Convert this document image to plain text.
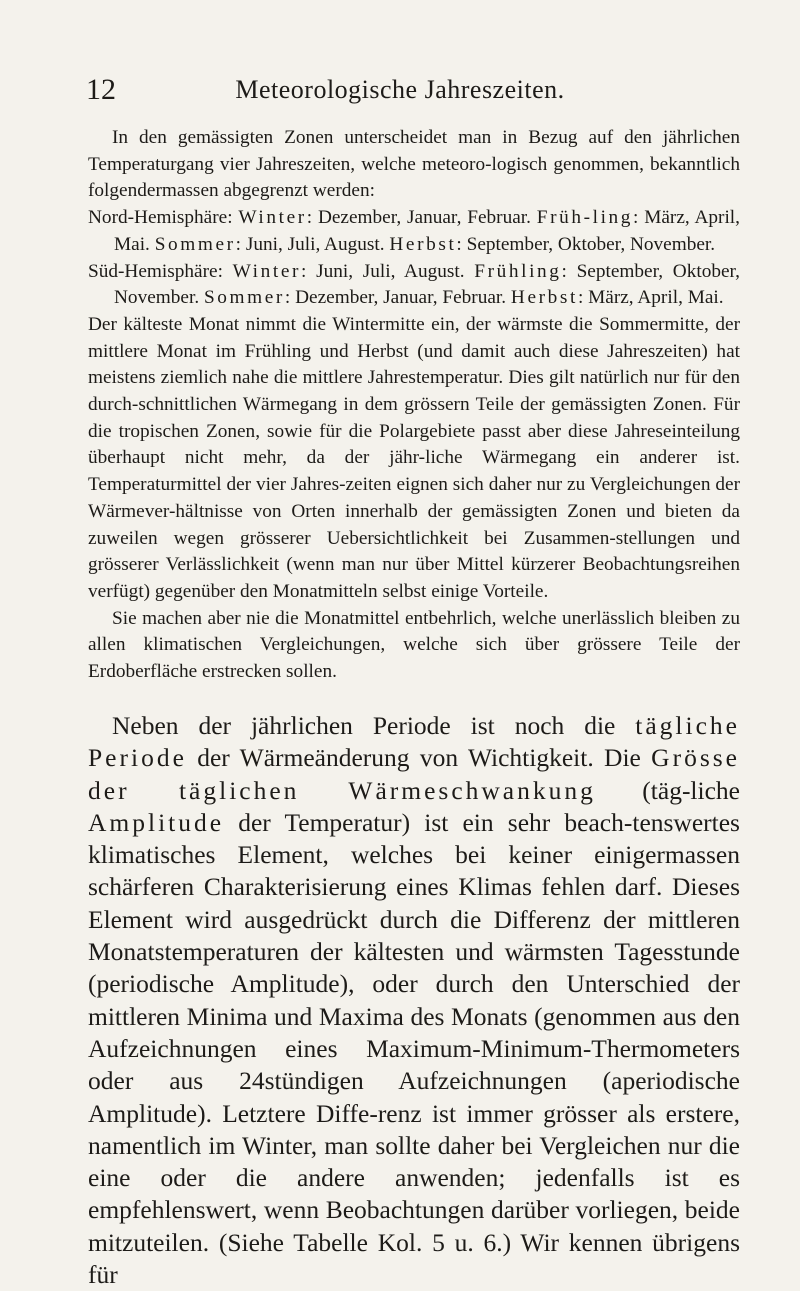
12	Meteorologische Jahreszeiten.

In den gemässigten Zonen unterscheidet man in Bezug auf den jährlichen Temperaturgang vier Jahreszeiten, welche meteoro-logisch genommen, bekanntlich folgendermassen abgegrenzt werden:

Nord-Hemisphäre: Winter: Dezember, Januar, Februar. Früh-ling: März, April, Mai. Sommer: Juni, Juli, August. Herbst: September, Oktober, November.

Süd-Hemisphäre: Winter: Juni, Juli, August. Frühling: September, Oktober, November. Sommer: Dezember, Januar, Februar. Herbst: März, April, Mai.

Der kälteste Monat nimmt die Wintermitte ein, der wärmste die Sommermitte, der mittlere Monat im Frühling und Herbst (und damit auch diese Jahreszeiten) hat meistens ziemlich nahe die mittlere Jahrestemperatur. Dies gilt natürlich nur für den durch-schnittlichen Wärmegang in dem grössern Teile der gemässigten Zonen. Für die tropischen Zonen, sowie für die Polargebiete passt aber diese Jahreseinteilung überhaupt nicht mehr, da der jähr-liche Wärmegang ein anderer ist. Temperaturmittel der vier Jahres-zeiten eignen sich daher nur zu Vergleichungen der Wärmever-hältnisse von Orten innerhalb der gemässigten Zonen und bieten da zuweilen wegen grösserer Uebersichtlichkeit bei Zusammen-stellungen und grösserer Verlässlichkeit (wenn man nur über Mittel kürzerer Beobachtungsreihen verfügt) gegenüber den Monatmitteln selbst einige Vorteile.

Sie machen aber nie die Monatmittel entbehrlich, welche unerlässlich bleiben zu allen klimatischen Vergleichungen, welche sich über grössere Teile der Erdoberfläche erstrecken sollen.

Neben der jährlichen Periode ist noch die tägliche Periode der Wärmeänderung von Wichtigkeit. Die Grösse der täglichen Wärmeschwankung (täg-liche Amplitude der Temperatur) ist ein sehr beach-tenswertes klimatisches Element, welches bei keiner einigermassen schärferen Charakterisierung eines Klimas fehlen darf. Dieses Element wird ausgedrückt durch die Differenz der mittleren Monatstemperaturen der kältesten und wärmsten Tagesstunde (periodische Amplitude), oder durch den Unterschied der mittleren Minima und Maxima des Monats (genommen aus den Aufzeichnungen eines Maximum-Minimum-Thermometers oder aus 24stündigen Aufzeichnungen (aperiodische Amplitude). Letztere Diffe-renz ist immer grösser als erstere, namentlich im Winter, man sollte daher bei Vergleichen nur die eine oder die andere anwenden; jedenfalls ist es empfehlenswert, wenn Beobachtungen darüber vorliegen, beide mitzuteilen. (Siehe Tabelle Kol. 5 u. 6.) Wir kennen übrigens für
